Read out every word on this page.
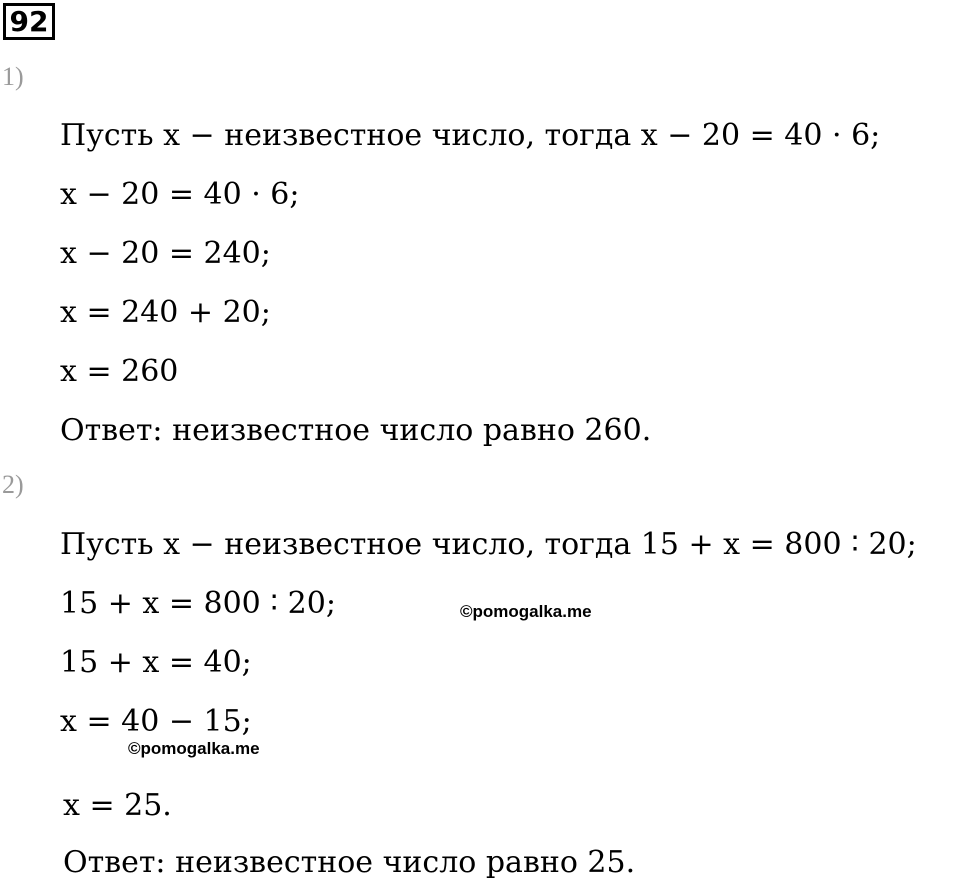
92
1)
Пусть x − неизвестное число, тогда x − 20 = 40 · 6;
x − 20 = 40 · 6;
x − 20 = 240;
x = 240 + 20;
x = 260
Ответ: неизвестное число равно 260.
2)
Пусть x − неизвестное число, тогда 15 + x = 800 ∶ 20;
15 + x = 800 ∶ 20;
15 + x = 40;
x = 40 − 15;
x = 25.
Ответ: неизвестное число равно 25.
©pomogalka.me
©pomogalka.me
